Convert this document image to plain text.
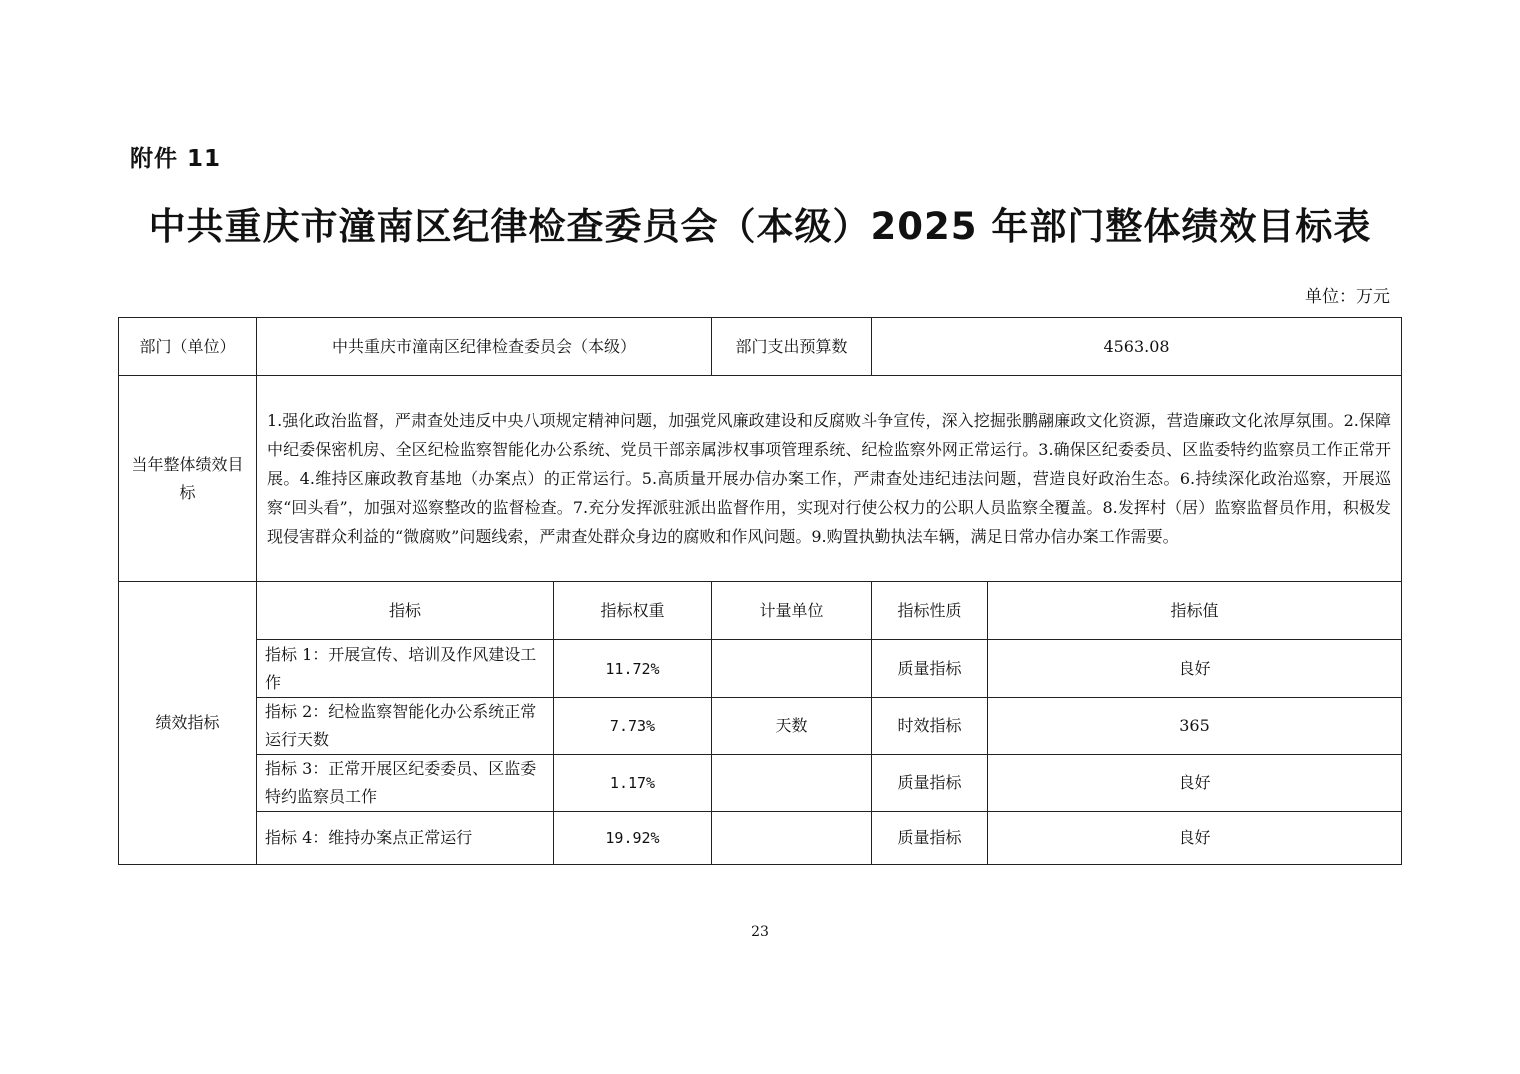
附件 11
中共重庆市潼南区纪律检查委员会（本级）2025 年部门整体绩效目标表
单位：万元
部门（单位）	中共重庆市潼南区纪律检查委员会（本级）		部门支出预算数	4563.08	
当年整体绩效目标	1.强化政治监督，严肃查处违反中央八项规定精神问题，加强党风廉政建设和反腐败斗争宣传，深入挖掘张鹏翮廉政文化资源，营造廉政文化浓厚氛围。2.保障中纪委保密机房、全区纪检监察智能化办公系统、党员干部亲属涉权事项管理系统、纪检监察外网正常运行。3.确保区纪委委员、区监委特约监察员工作正常开展。4.维持区廉政教育基地（办案点）的正常运行。5.高质量开展办信办案工作，严肃查处违纪违法问题，营造良好政治生态。6.持续深化政治巡察，开展巡察“回头看”，加强对巡察整改的监督检查。7.充分发挥派驻派出监督作用，实现对行使公权力的公职人员监察全覆盖。8.发挥村（居）监察监督员作用，积极发现侵害群众利益的“微腐败”问题线索，严肃查处群众身边的腐败和作风问题。9.购置执勤执法车辆，满足日常办信办案工作需要。				
绩效指标	指标	指标权重	计量单位	指标性质	指标值
	指标 1：开展宣传、培训及作风建设工作	11.72%		质量指标	良好
	指标 2：纪检监察智能化办公系统正常运行天数	7.73%	天数	时效指标	365
	指标 3：正常开展区纪委委员、区监委特约监察员工作	1.17%		质量指标	良好
	指标 4：维持办案点正常运行	19.92%		质量指标	良好
23
